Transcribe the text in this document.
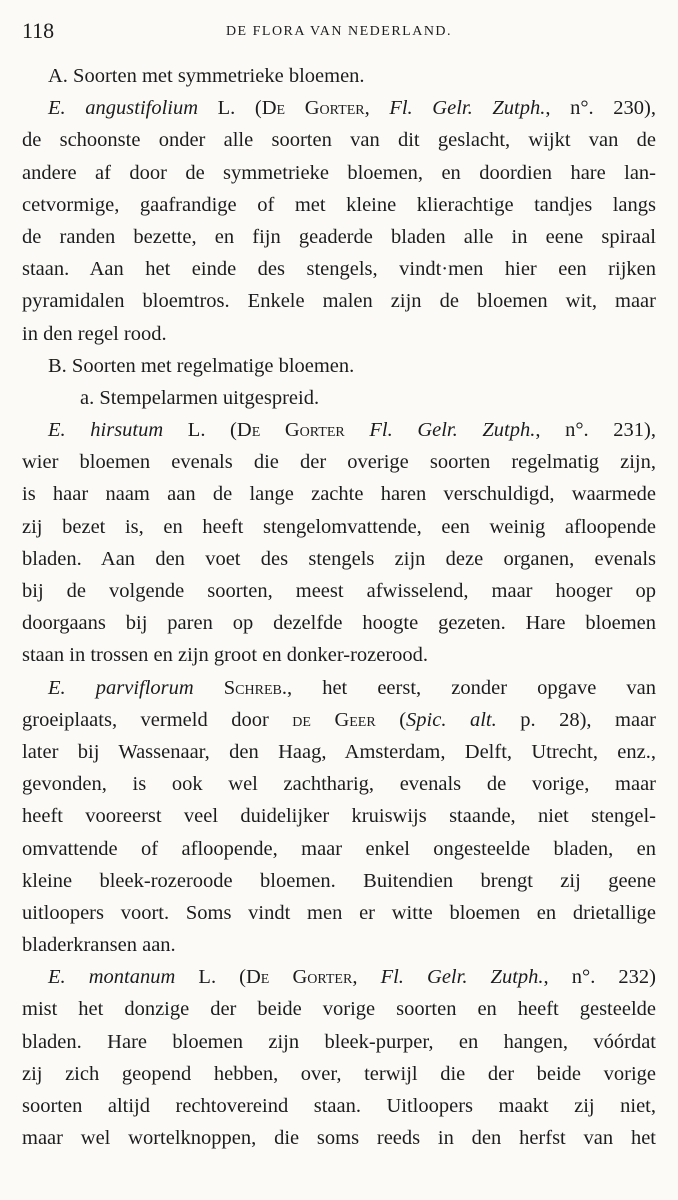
118	DE FLORA VAN NEDERLAND.
A. Soorten met symmetrieke bloemen.
E. angustifolium L. (De Gorter, Fl. Gelr. Zutph., n°. 230),
de schoonste onder alle soorten van dit geslacht, wijkt van de
andere af door de symmetrieke bloemen, en doordien hare lan-
cetvormige, gaafrandige of met kleine klierachtige tandjes langs
de randen bezette, en fijn geaderde bladen alle in eene spiraal
staan. Aan het einde des stengels, vindt·men hier een rijken
pyramidalen bloemtros. Enkele malen zijn de bloemen wit, maar
in den regel rood.
B. Soorten met regelmatige bloemen.
a. Stempelarmen uitgespreid.
E. hirsutum L. (De Gorter Fl. Gelr. Zutph., n°. 231),
wier bloemen evenals die der overige soorten regelmatig zijn,
is haar naam aan de lange zachte haren verschuldigd, waarmede
zij bezet is, en heeft stengelomvattende, een weinig afloopende
bladen. Aan den voet des stengels zijn deze organen, evenals
bij de volgende soorten, meest afwisselend, maar hooger op
doorgaans bij paren op dezelfde hoogte gezeten. Hare bloemen
staan in trossen en zijn groot en donker-rozerood.
E. parviflorum Schreb., het eerst, zonder opgave van
groeiplaats, vermeld door de Geer (Spic. alt. p. 28), maar
later bij Wassenaar, den Haag, Amsterdam, Delft, Utrecht, enz.,
gevonden, is ook wel zachtharig, evenals de vorige, maar
heeft vooreerst veel duidelijker kruiswijs staande, niet stengel-
omvattende of afloopende, maar enkel ongesteelde bladen, en
kleine bleek-rozeroode bloemen. Buitendien brengt zij geene
uitloopers voort. Soms vindt men er witte bloemen en drietallige
bladerkransen aan.
E. montanum L. (De Gorter, Fl. Gelr. Zutph., n°. 232)
mist het donzige der beide vorige soorten en heeft gesteelde
bladen. Hare bloemen zijn bleek-purper, en hangen, vóórdat
zij zich geopend hebben, over, terwijl die der beide vorige
soorten altijd rechtovereind staan. Uitloopers maakt zij niet,
maar wel wortelknoppen, die soms reeds in den herfst van het
